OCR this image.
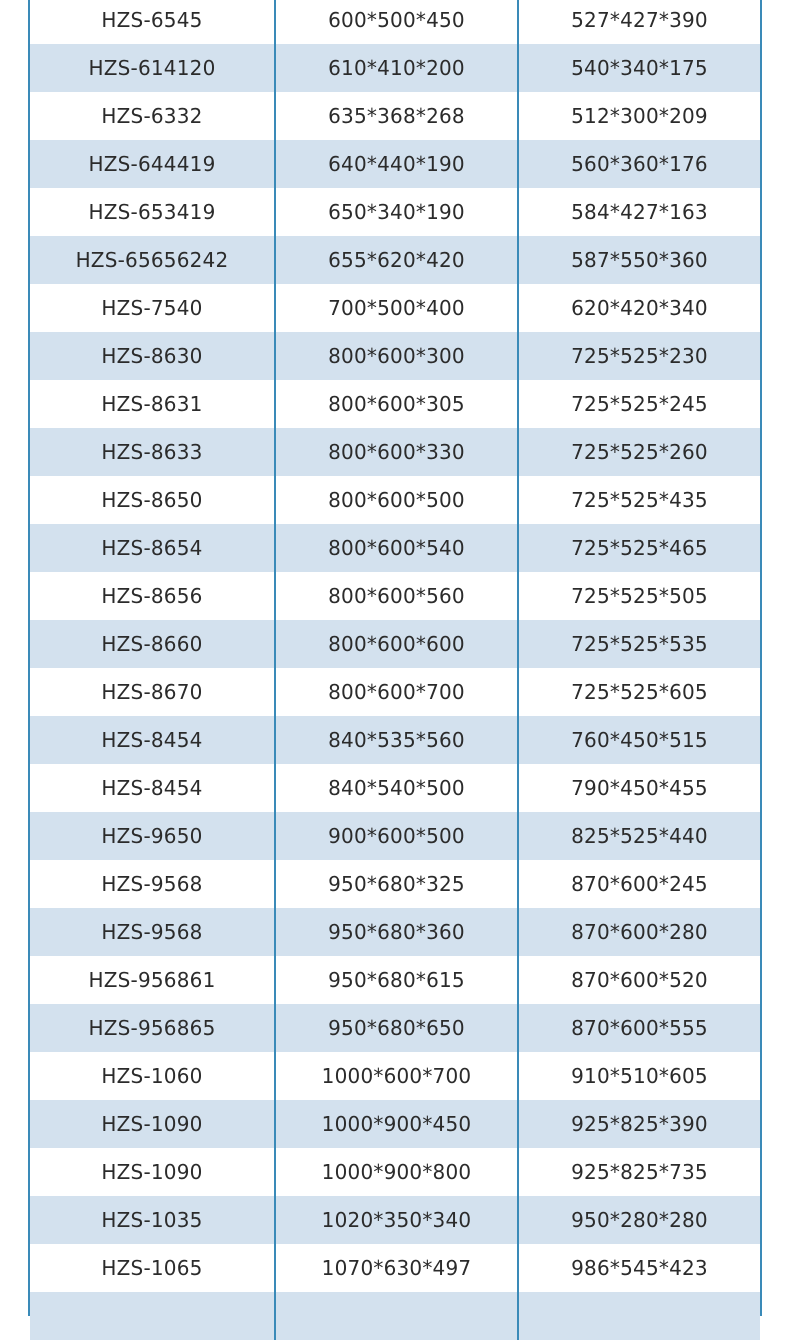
HZS-6545	600*500*450	527*427*390
HZS-614120	610*410*200	540*340*175
HZS-6332	635*368*268	512*300*209
HZS-644419	640*440*190	560*360*176
HZS-653419	650*340*190	584*427*163
HZS-65656242	655*620*420	587*550*360
HZS-7540	700*500*400	620*420*340
HZS-8630	800*600*300	725*525*230
HZS-8631	800*600*305	725*525*245
HZS-8633	800*600*330	725*525*260
HZS-8650	800*600*500	725*525*435
HZS-8654	800*600*540	725*525*465
HZS-8656	800*600*560	725*525*505
HZS-8660	800*600*600	725*525*535
HZS-8670	800*600*700	725*525*605
HZS-8454	840*535*560	760*450*515
HZS-8454	840*540*500	790*450*455
HZS-9650	900*600*500	825*525*440
HZS-9568	950*680*325	870*600*245
HZS-9568	950*680*360	870*600*280
HZS-956861	950*680*615	870*600*520
HZS-956865	950*680*650	870*600*555
HZS-1060	1000*600*700	910*510*605
HZS-1090	1000*900*450	925*825*390
HZS-1090	1000*900*800	925*825*735
HZS-1035	1020*350*340	950*280*280
HZS-1065	1070*630*497	986*545*423
